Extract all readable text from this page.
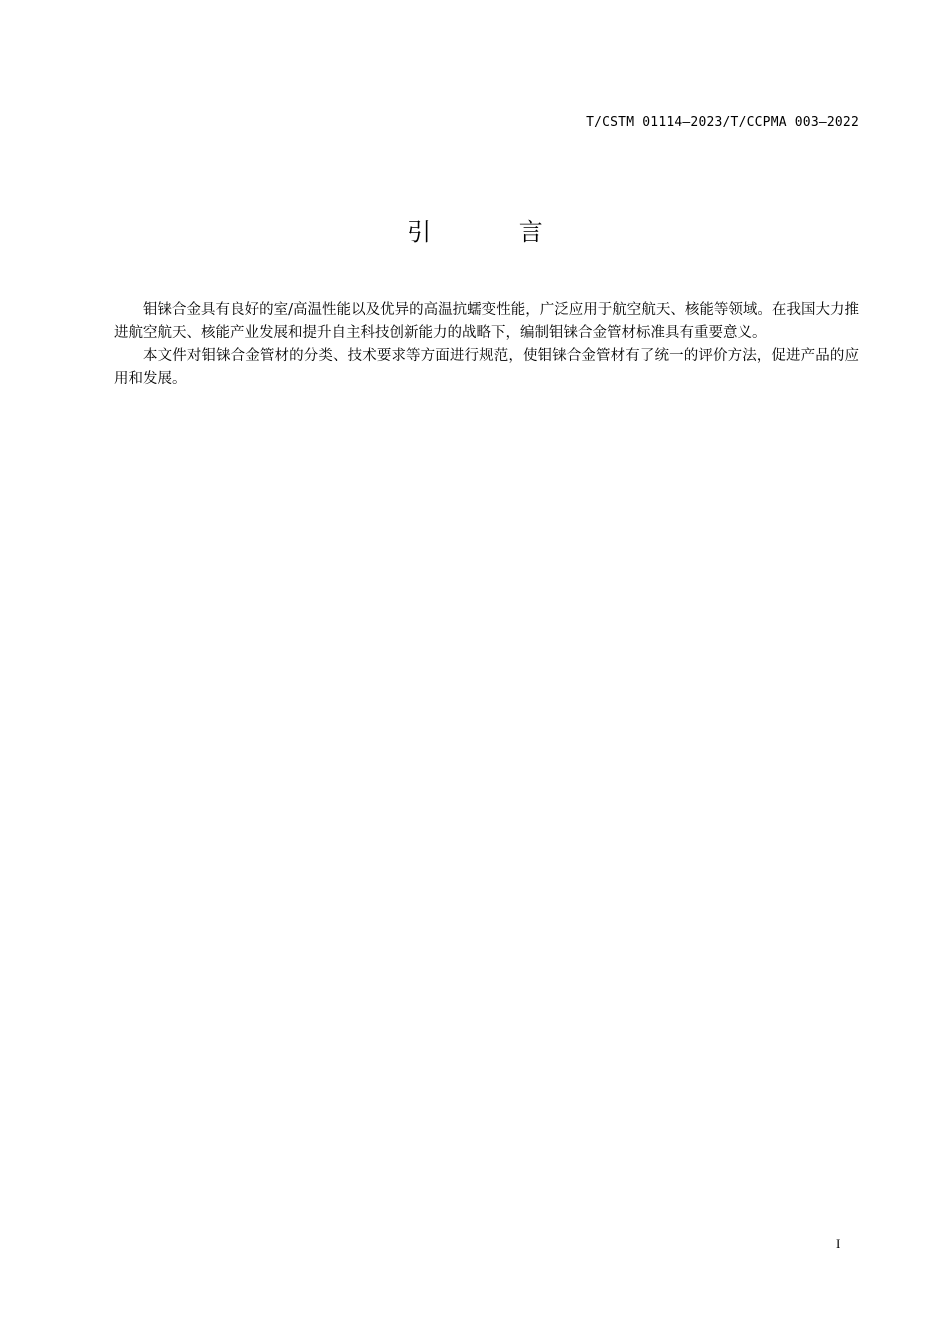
T/CSTM 01114—2023/T/CCPMA 003—2022
引 言

钼铼合金具有良好的室/高温性能以及优异的高温抗蠕变性能，广泛应用于航空航天、核能等领域。在我国大力推进航空航天、核能产业发展和提升自主科技创新能力的战略下，编制钼铼合金管材标准具有重要意义。

本文件对钼铼合金管材的分类、技术要求等方面进行规范，使钼铼合金管材有了统一的评价方法，促进产品的应用和发展。

I
